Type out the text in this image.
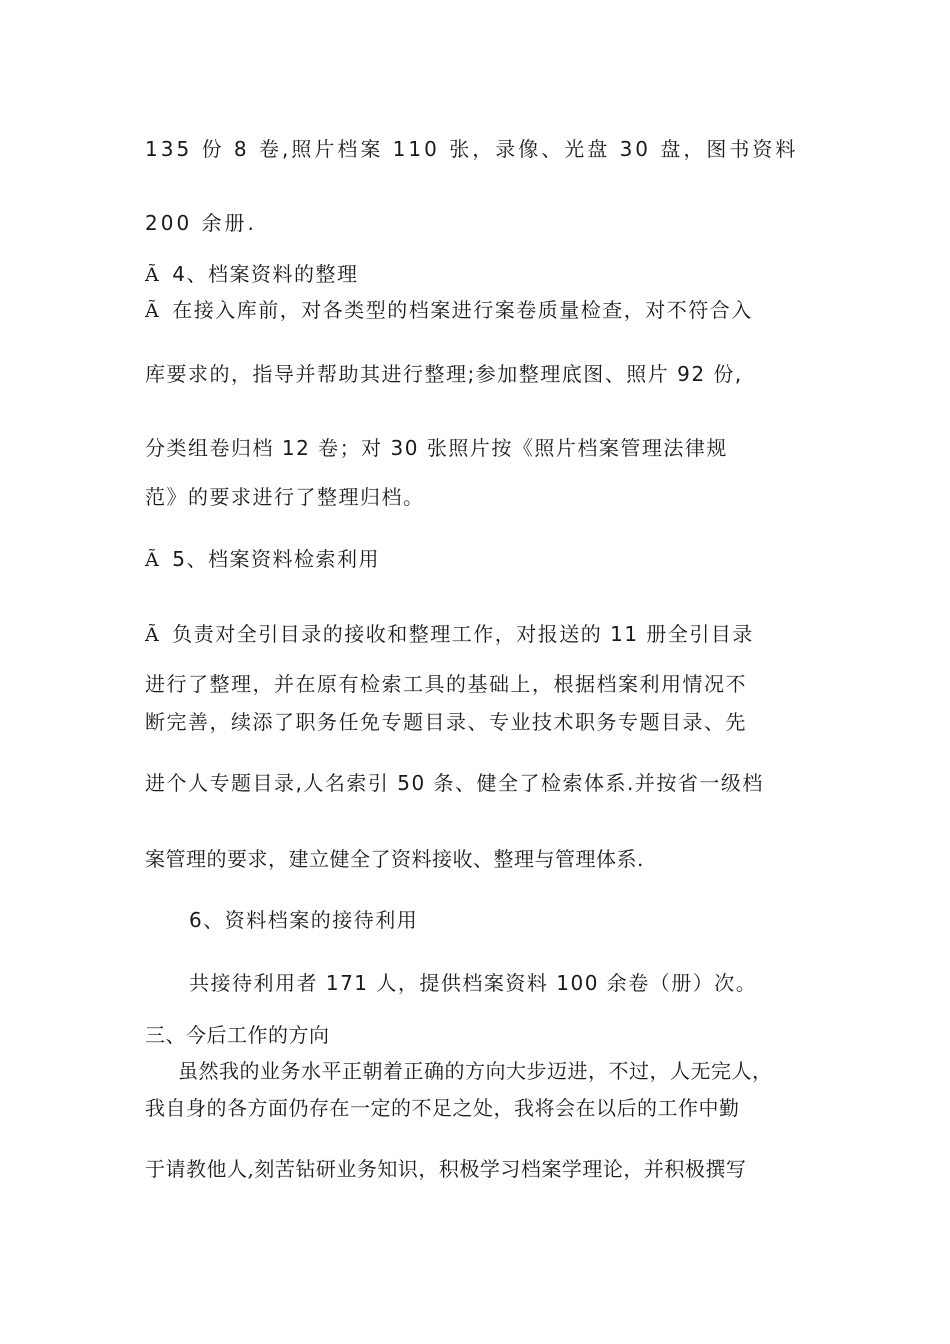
135 份 8 卷,照片档案 110 张，录像、光盘 30 盘，图书资料
200 余册.
Ã 4、档案资料的整理
Ã 在接入库前，对各类型的档案进行案卷质量检查，对不符合入
库要求的，指导并帮助其进行整理;参加整理底图、照片 92 份,
分类组卷归档 12 卷；对 30 张照片按《照片档案管理法律规
范》的要求进行了整理归档。
Ã 5、档案资料检索利用
Ã 负责对全引目录的接收和整理工作，对报送的 11 册全引目录
进行了整理，并在原有检索工具的基础上，根据档案利用情况不
断完善，续添了职务任免专题目录、专业技术职务专题目录、先
进个人专题目录,人名索引 50 条、健全了检索体系.并按省一级档
案管理的要求，建立健全了资料接收、整理与管理体系.
6、资料档案的接待利用
共接待利用者 171 人，提供档案资料 100 余卷（册）次。
三、今后工作的方向
虽然我的业务水平正朝着正确的方向大步迈进，不过，人无完人，
我自身的各方面仍存在一定的不足之处，我将会在以后的工作中勤
于请教他人,刻苦钻研业务知识，积极学习档案学理论，并积极撰写
